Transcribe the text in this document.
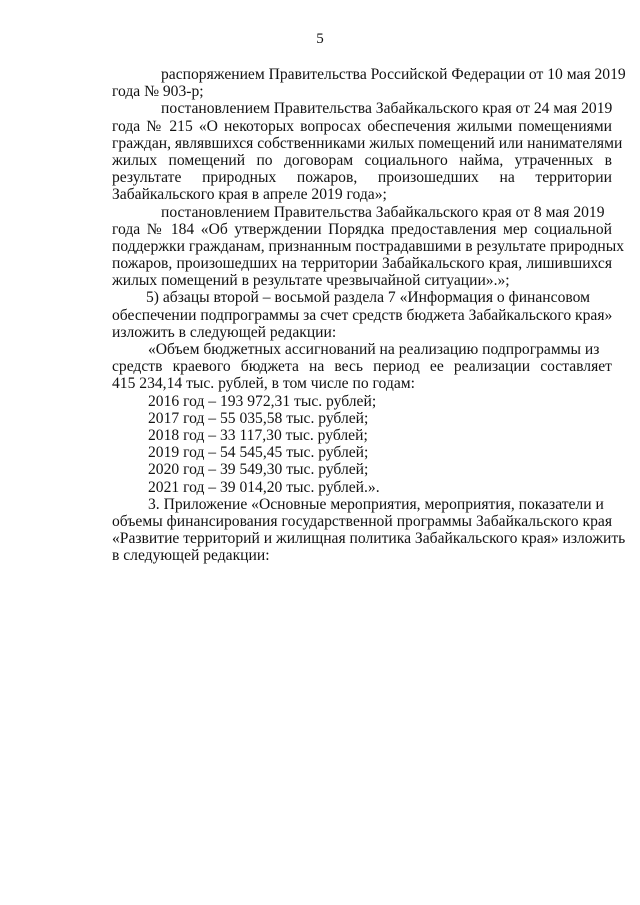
5
распоряжением Правительства Российской Федерации от 10 мая 2019
года № 903-р;
постановлением Правительства Забайкальского края от 24 мая 2019
года № 215 «О некоторых вопросах обеспечения жилыми помещениями
граждан, являвшихся собственниками жилых помещений или нанимателями
жилых помещений по договорам социального найма, утраченных в
результате природных пожаров, произошедших на территории
Забайкальского края в апреле 2019 года»;
постановлением Правительства Забайкальского края от 8 мая 2019
года № 184 «Об утверждении Порядка предоставления мер социальной
поддержки гражданам, признанным пострадавшими в результате природных
пожаров, произошедших на территории Забайкальского края, лишившихся
жилых помещений в результате чрезвычайной ситуации».»;
5) абзацы второй – восьмой раздела 7 «Информация о финансовом
обеспечении подпрограммы за счет средств бюджета Забайкальского края»
изложить в следующей редакции:
«Объем бюджетных ассигнований на реализацию подпрограммы из
средств краевого бюджета на весь период ее реализации составляет
415 234,14 тыс. рублей, в том числе по годам:
2016 год – 193 972,31 тыс. рублей;
2017 год – 55 035,58 тыс. рублей;
2018 год – 33 117,30 тыс. рублей;
2019 год – 54 545,45 тыс. рублей;
2020 год – 39 549,30 тыс. рублей;
2021 год – 39 014,20 тыс. рублей.».
3. Приложение «Основные мероприятия, мероприятия, показатели и
объемы финансирования государственной программы Забайкальского края
«Развитие территорий и жилищная политика Забайкальского края» изложить
в следующей редакции:
